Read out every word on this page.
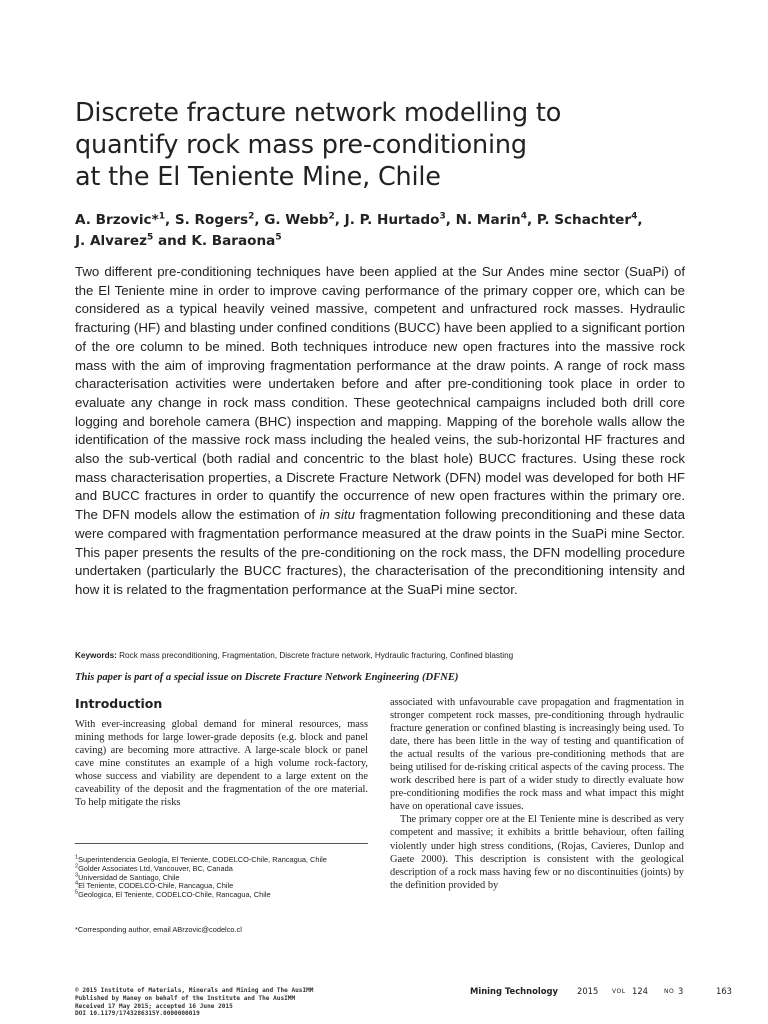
Discrete fracture network modelling to
quantify rock mass pre-conditioning
at the El Teniente Mine, Chile
A. Brzovic*$^1$, S. Rogers$^2$, G. Webb$^2$, J. P. Hurtado$^3$, N. Marin$^4$, P. Schachter$^4$,
J. Alvarez$^5$ and K. Baraona$^5$
Two different pre-conditioning techniques have been applied at the Sur Andes mine sector (SuaPi) of the El Teniente mine in order to improve caving performance of the primary copper ore, which can be considered as a typical heavily veined massive, competent and unfractured rock masses. Hydraulic fracturing (HF) and blasting under confined conditions (BUCC) have been applied to a significant portion of the ore column to be mined. Both techniques introduce new open fractures into the massive rock mass with the aim of improving fragmentation performance at the draw points. A range of rock mass characterisation activities were undertaken before and after pre-conditioning took place in order to evaluate any change in rock mass condition. These geotechnical campaigns included both drill core logging and borehole camera (BHC) inspection and mapping. Mapping of the borehole walls allow the identification of the massive rock mass including the healed veins, the sub-horizontal HF fractures and also the sub-vertical (both radial and concentric to the blast hole) BUCC fractures. Using these rock mass characterisation properties, a Discrete Fracture Network (DFN) model was developed for both HF and BUCC fractures in order to quantify the occurrence of new open fractures within the primary ore. The DFN models allow the estimation of in situ fragmentation following preconditioning and these data were compared with fragmentation performance measured at the draw points in the SuaPi mine Sector. This paper presents the results of the pre-conditioning on the rock mass, the DFN modelling procedure undertaken (particularly the BUCC fractures), the characterisation of the preconditioning intensity and how it is related to the fragmentation performance at the SuaPi mine sector.
Keywords: Rock mass preconditioning, Fragmentation, Discrete fracture network, Hydraulic fracturing, Confined blasting
This paper is part of a special issue on Discrete Fracture Network Engineering (DFNE)
Introduction

With ever-increasing global demand for mineral resources, mass mining methods for large lower-grade deposits (e.g. block and panel caving) are becoming more attractive. A large-scale block or panel cave mine constitutes an example of a high volume rock-factory, whose success and viability are dependent to a large extent on the caveability of the deposit and the fragmentation of the ore material. To help mitigate the risks

associated with unfavourable cave propagation and fragmentation in stronger competent rock masses, pre-conditioning through hydraulic fracture generation or confined blasting is increasingly being used. To date, there has been little in the way of testing and quantification of the actual results of the various pre-conditioning methods that are being utilised for de-risking critical aspects of the caving process. The work described here is part of a wider study to directly evaluate how pre-conditioning modifies the rock mass and what impact this might have on operational cave issues.

The primary copper ore at the El Teniente mine is described as very competent and massive; it exhibits a brittle behaviour, often failing violently under high stress conditions, (Rojas, Cavieres, Dunlop and Gaete 2000). This description is consistent with the geological description of a rock mass having few or no discontinuities (joints) by the definition provided by

$^1$Superintendencia Geología, El Teniente, CODELCO-Chile, Rancagua, Chile
$^2$Golder Associates Ltd, Vancouver, BC, Canada
$^3$Universidad de Santiago, Chile
$^4$El Teniente, CODELCO-Chile, Rancagua, Chile
$^5$Geologica, El Teniente, CODELCO-Chile, Rancagua, Chile
*Corresponding author, email ABrzovic@codelco.cl
© 2015 Institute of Materials, Minerals and Mining and The AusIMM
Published by Maney on behalf of the Institute and The AusIMM
Received 17 May 2015; accepted 16 June 2015
DOI 10.1179/1743286315Y.0000000019
Mining Technology 2015 VOL 124	NO 3	163
